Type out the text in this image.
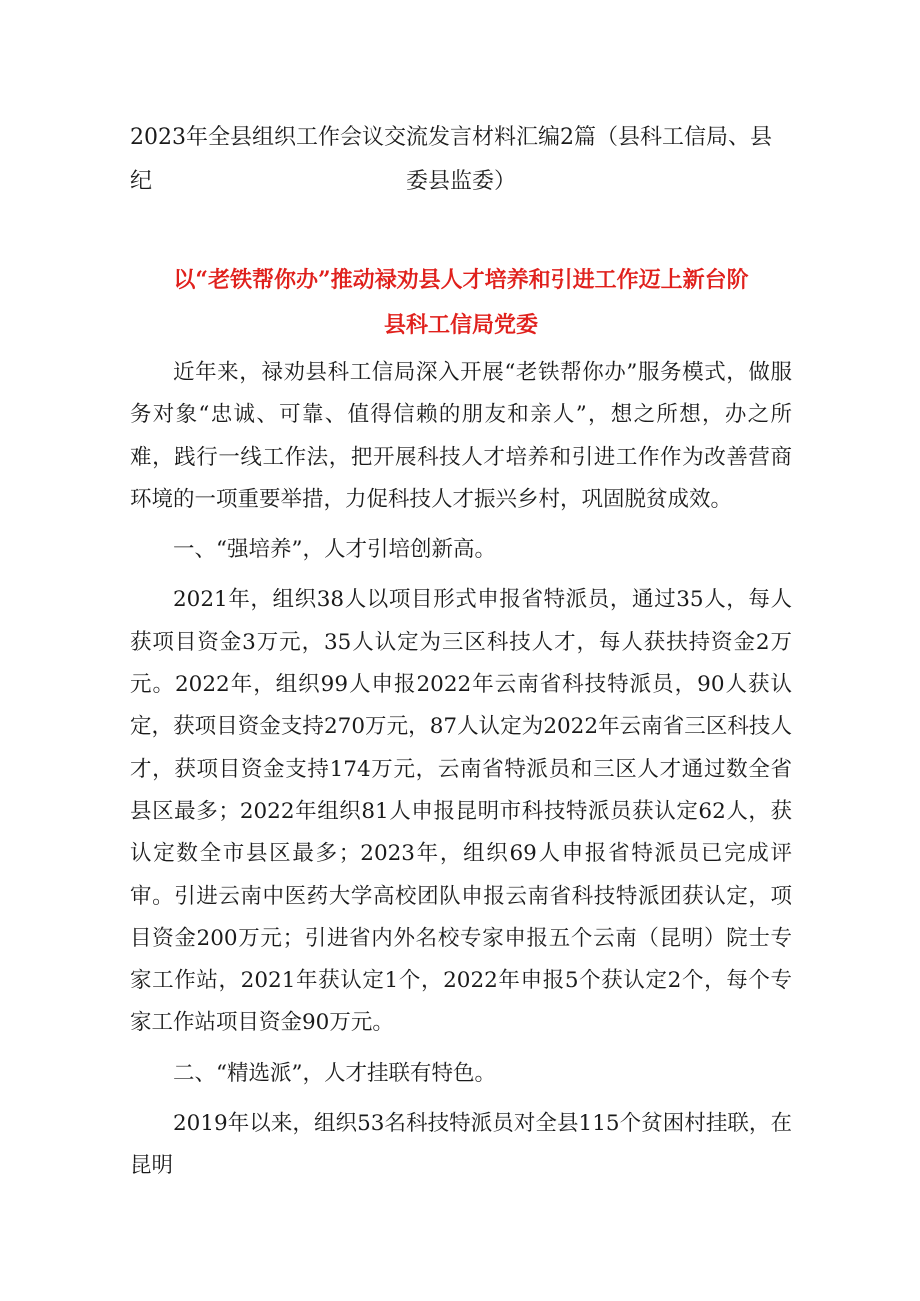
2023年全县组织工作会议交流发言材料汇编2篇（县科工信局、县纪	委县监委）
以“老铁帮你办”推动禄劝县人才培养和引进工作迈上新台阶
县科工信局党委

近年来，禄劝县科工信局深入开展“老铁帮你办”服务模式，做服务对象“忠诚、可靠、值得信赖的朋友和亲人”，想之所想，办之所难，践行一线工作法，把开展科技人才培养和引进工作作为改善营商环境的一项重要举措，力促科技人才振兴乡村，巩固脱贫成效。

一、“强培养”，人才引培创新高。

2021年，组织38人以项目形式申报省特派员，通过35人，每人获项目资金3万元，35人认定为三区科技人才，每人获扶持资金2万元。2022年，组织99人申报2022年云南省科技特派员，90人获认定，获项目资金支持270万元，87人认定为2022年云南省三区科技人才，获项目资金支持174万元，云南省特派员和三区人才通过数全省县区最多；2022年组织81人申报昆明市科技特派员获认定62人，获认定数全市县区最多；2023年，组织69人申报省特派员已完成评审。引进云南中医药大学高校团队申报云南省科技特派团获认定，项目资金200万元；引进省内外名校专家申报五个云南（昆明）院士专家工作站，2021年获认定1个，2022年申报5个获认定2个，每个专家工作站项目资金90万元。

二、“精选派”，人才挂联有特色。

2019年以来，组织53名科技特派员对全县115个贫困村挂联，在昆明
